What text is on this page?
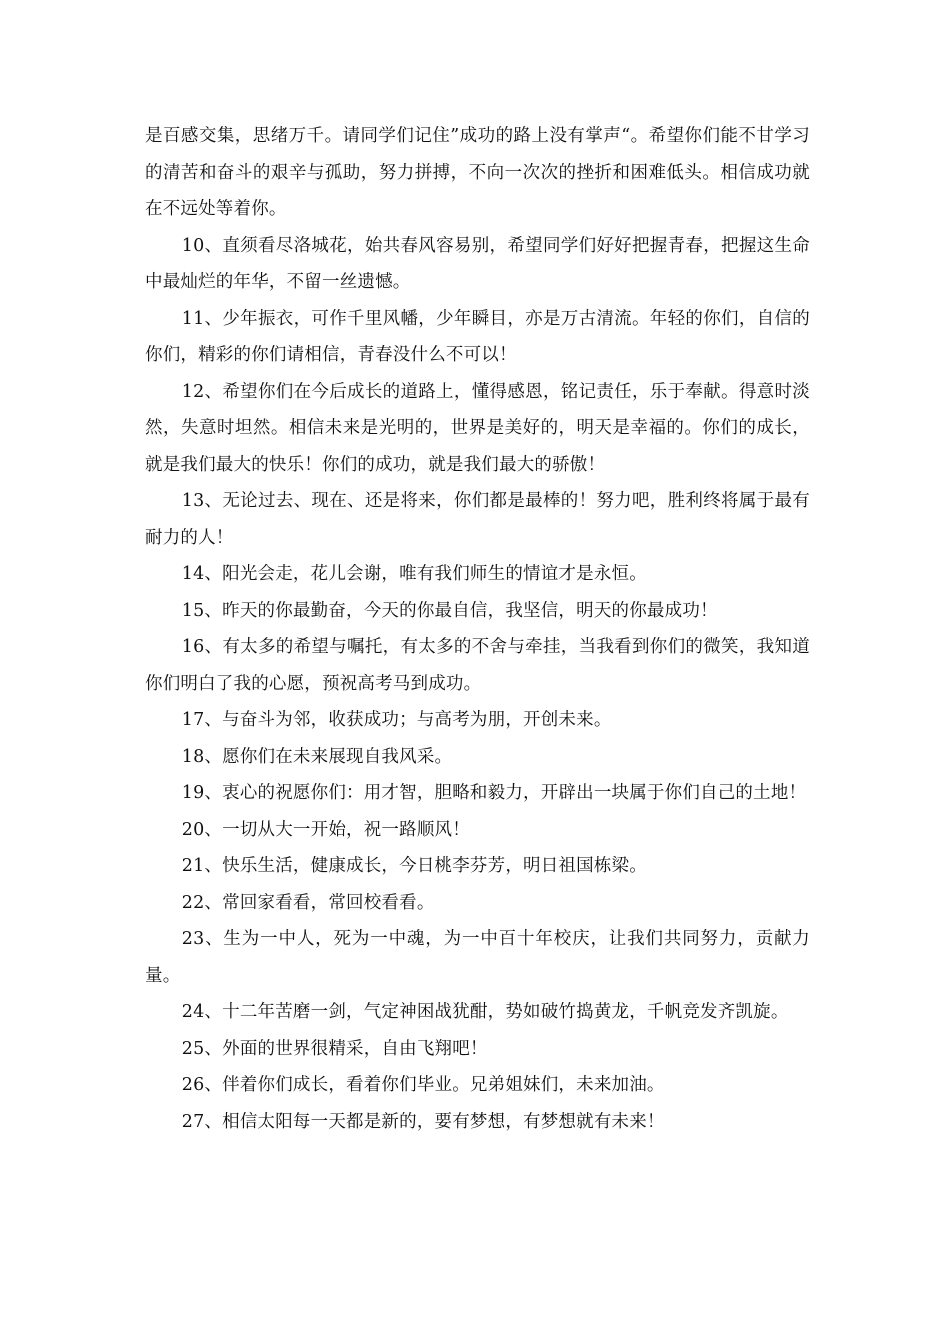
是百感交集，思绪万千。请同学们记住”成功的路上没有掌声“。希望你们能不甘学习的清苦和奋斗的艰辛与孤助，努力拼搏，不向一次次的挫折和困难低头。相信成功就在不远处等着你。

10、直须看尽洛城花，始共春风容易别，希望同学们好好把握青春，把握这生命中最灿烂的年华，不留一丝遗憾。

11、少年振衣，可作千里风幡，少年瞬目，亦是万古清流。年轻的你们，自信的你们，精彩的你们请相信，青春没什么不可以！

12、希望你们在今后成长的道路上，懂得感恩，铭记责任，乐于奉献。得意时淡然，失意时坦然。相信未来是光明的，世界是美好的，明天是幸福的。你们的成长，就是我们最大的快乐！你们的成功，就是我们最大的骄傲！

13、无论过去、现在、还是将来，你们都是最棒的！努力吧，胜利终将属于最有耐力的人！

14、阳光会走，花儿会谢，唯有我们师生的情谊才是永恒。

15、昨天的你最勤奋，今天的你最自信，我坚信，明天的你最成功！

16、有太多的希望与嘱托，有太多的不舍与牵挂，当我看到你们的微笑，我知道你们明白了我的心愿，预祝高考马到成功。

17、与奋斗为邻，收获成功；与高考为朋，开创未来。

18、愿你们在未来展现自我风采。

19、衷心的祝愿你们：用才智，胆略和毅力，开辟出一块属于你们自己的土地！

20、一切从大一开始，祝一路顺风！

21、快乐生活，健康成长，今日桃李芬芳，明日祖国栋梁。

22、常回家看看，常回校看看。

23、生为一中人，死为一中魂，为一中百十年校庆，让我们共同努力，贡献力量。

24、十二年苦磨一剑，气定神困战犹酣，势如破竹捣黄龙，千帆竞发齐凯旋。

25、外面的世界很精采，自由飞翔吧！

26、伴着你们成长，看着你们毕业。兄弟姐妹们，未来加油。

27、相信太阳每一天都是新的，要有梦想，有梦想就有未来！
